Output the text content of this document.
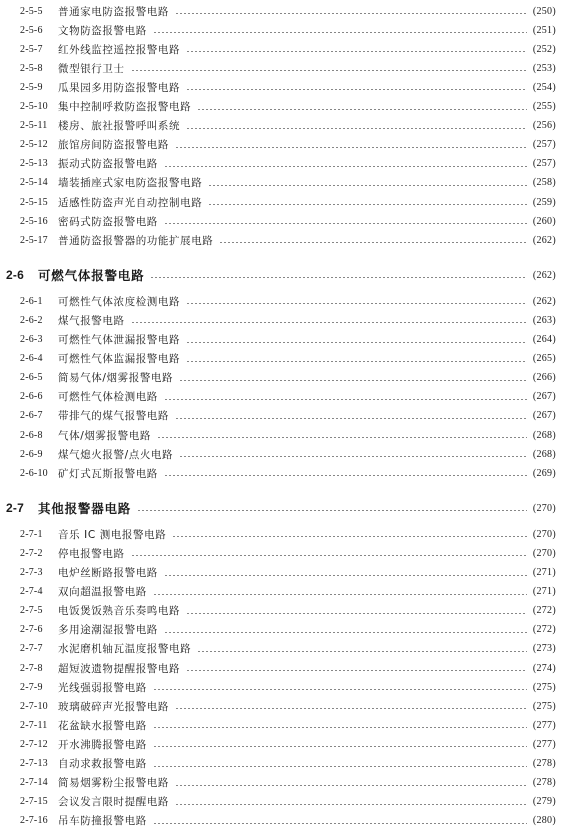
2-5-5 普通家电防盗报警电路	(250)
2-5-6 文物防盗报警电路	(251)
2-5-7 红外线监控遥控报警电路	(252)
2-5-8 微型银行卫士	(253)
2-5-9 瓜果园多用防盗报警电路	(254)
2-5-10 集中控制呼救防盗报警电路	(255)
2-5-11 楼房、旅社报警呼叫系统	(256)
2-5-12 旅馆房间防盗报警电路	(257)
2-5-13 振动式防盗报警电路	(257)
2-5-14 墙装插座式家电防盗报警电路	(258)
2-5-15 适感性防盗声光自动控制电路	(259)
2-5-16 密码式防盗报警电路	(260)
2-5-17 普通防盗报警器的功能扩展电路	(262)
2-6 可燃气体报警电路	(262)
2-6-1 可燃性气体浓度检测电路	(262)
2-6-2 煤气报警电路	(263)
2-6-3 可燃性气体泄漏报警电路	(264)
2-6-4 可燃性气体监漏报警电路	(265)
2-6-5 简易气体/烟雾报警电路	(266)
2-6-6 可燃性气体检测电路	(267)
2-6-7 带排气的煤气报警电路	(267)
2-6-8 气体/烟雾报警电路	(268)
2-6-9 煤气熄火报警/点火电路	(268)
2-6-10 矿灯式瓦斯报警电路	(269)
2-7 其他报警器电路	(270)
2-7-1 音乐 IC 测电报警电路	(270)
2-7-2 停电报警电路	(270)
2-7-3 电炉丝断路报警电路	(271)
2-7-4 双向超温报警电路	(271)
2-7-5 电饭煲饭熟音乐奏鸣电路	(272)
2-7-6 多用途潮湿报警电路	(272)
2-7-7 水泥磨机轴瓦温度报警电路	(273)
2-7-8 超短波遗物提醒报警电路	(274)
2-7-9 光线强弱报警电路	(275)
2-7-10 玻璃破碎声光报警电路	(275)
2-7-11 花盆缺水报警电路	(277)
2-7-12 开水沸腾报警电路	(277)
2-7-13 自动求救报警电路	(278)
2-7-14 简易烟雾粉尘报警电路	(278)
2-7-15 会议发言限时提醒电路	(279)
2-7-16 吊车防撞报警电路	(280)
